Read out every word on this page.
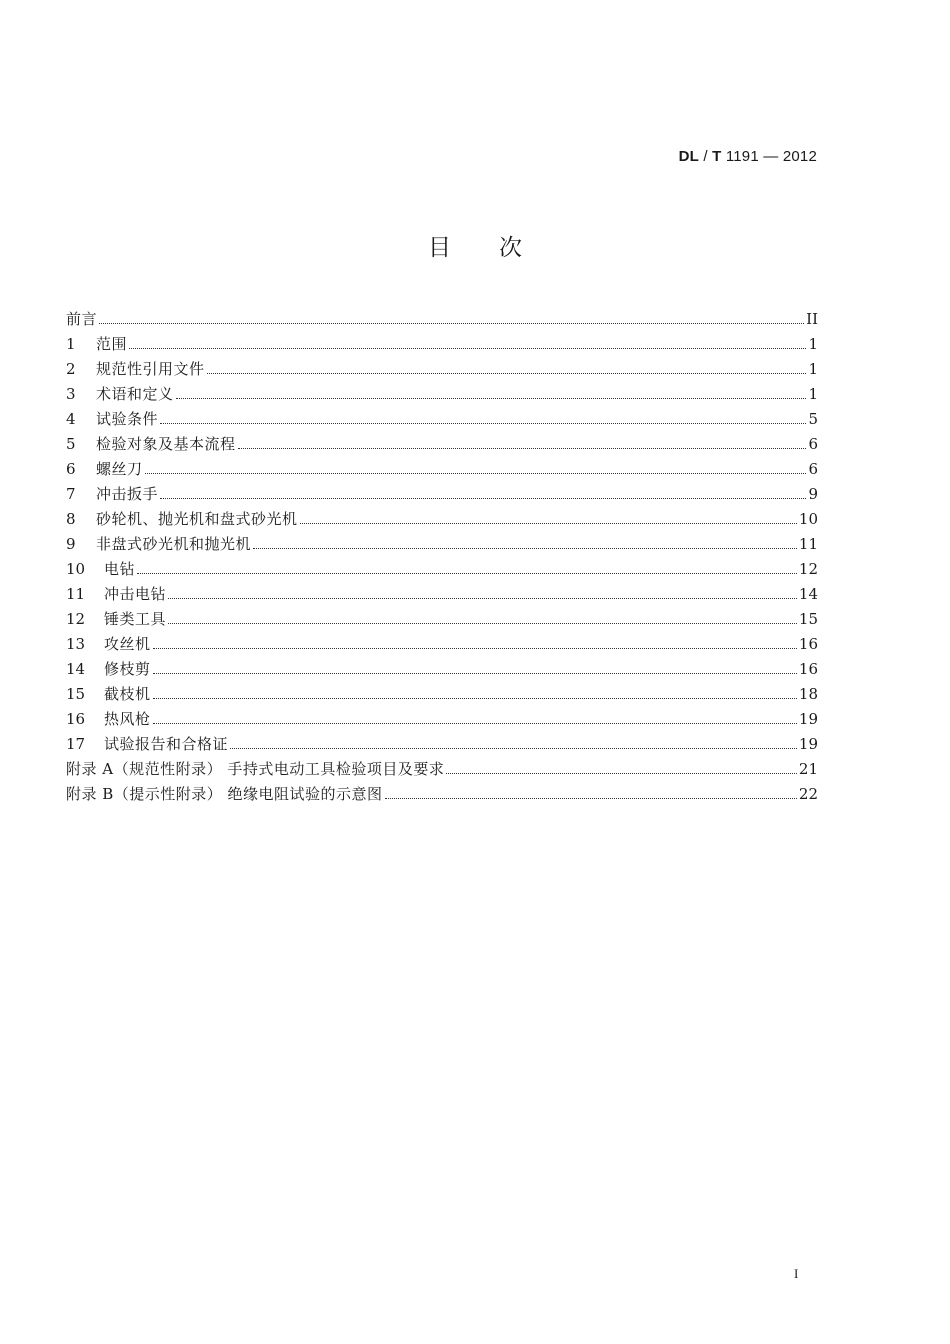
DL / T 1191 — 2012
目次
前言	II
1	范围	1
2	规范性引用文件	1
3	术语和定义	1
4	试验条件	5
5	检验对象及基本流程	6
6	螺丝刀	6
7	冲击扳手	9
8	砂轮机、抛光机和盘式砂光机	10
9	非盘式砂光机和抛光机	11
10	电钻	12
11	冲击电钻	14
12	锤类工具	15
13	攻丝机	16
14	修枝剪	16
15	截枝机	18
16	热风枪	19
17	试验报告和合格证	19
附录 A（规范性附录） 手持式电动工具检验项目及要求	21
附录 B（提示性附录） 绝缘电阻试验的示意图	22
I
